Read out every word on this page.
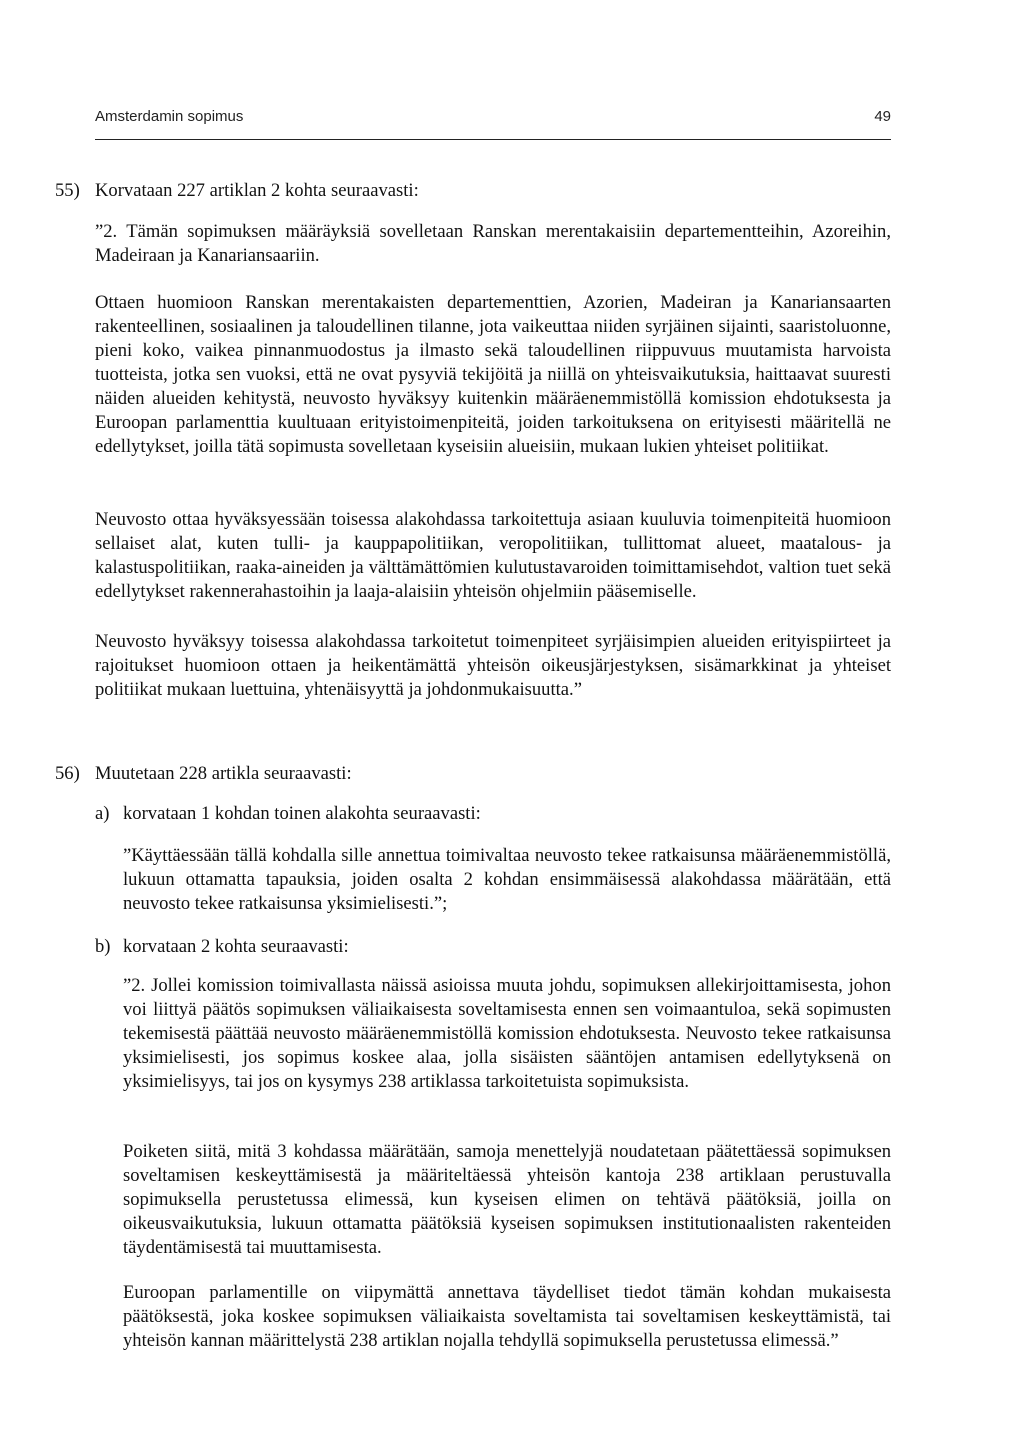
Amsterdamin sopimus	49
55) Korvataan 227 artiklan 2 kohta seuraavasti:

”2. Tämän sopimuksen määräyksiä sovelletaan Ranskan merentakaisiin departementteihin, Azoreihin, Madeiraan ja Kanariansaariin.

Ottaen huomioon Ranskan merentakaisten departementtien, Azorien, Madeiran ja Kanariansaarten rakenteellinen, sosiaalinen ja taloudellinen tilanne, jota vaikeuttaa niiden syrjäinen sijainti, saaristoluonne, pieni koko, vaikea pinnanmuodostus ja ilmasto sekä taloudellinen riippuvuus muutamista harvoista tuotteista, jotka sen vuoksi, että ne ovat pysyviä tekijöitä ja niillä on yhteisvaikutuksia, haittaavat suuresti näiden alueiden kehitystä, neuvosto hyväksyy kuitenkin määräenemmistöllä komission ehdotuksesta ja Euroopan parlamenttia kuultuaan erityistoimenpiteitä, joiden tarkoituksena on erityisesti määritellä ne edellytykset, joilla tätä sopimusta sovelletaan kyseisiin alueisiin, mukaan lukien yhteiset politiikat.

Neuvosto ottaa hyväksyessään toisessa alakohdassa tarkoitettuja asiaan kuuluvia toimenpiteitä huomioon sellaiset alat, kuten tulli- ja kauppapolitiikan, veropolitiikan, tullittomat alueet, maatalous- ja kalastuspolitiikan, raaka-aineiden ja välttämättömien kulutustavaroiden toimittamisehdot, valtion tuet sekä edellytykset rakennerahastoihin ja laaja-alaisiin yhteisön ohjelmiin pääsemiselle.

Neuvosto hyväksyy toisessa alakohdassa tarkoitetut toimenpiteet syrjäisimpien alueiden erityispiirteet ja rajoitukset huomioon ottaen ja heikentämättä yhteisön oikeusjärjestyksen, sisämarkkinat ja yhteiset politiikat mukaan luettuina, yhtenäisyyttä ja johdonmukaisuutta.”

56) Muutetaan 228 artikla seuraavasti:
a) korvataan 1 kohdan toinen alakohta seuraavasti:

”Käyttäessään tällä kohdalla sille annettua toimivaltaa neuvosto tekee ratkaisunsa määräenemmistöllä, lukuun ottamatta tapauksia, joiden osalta 2 kohdan ensimmäisessä alakohdassa määrätään, että neuvosto tekee ratkaisunsa yksimielisesti.”;

b) korvataan 2 kohta seuraavasti:

”2. Jollei komission toimivallasta näissä asioissa muuta johdu, sopimuksen allekirjoittamisesta, johon voi liittyä päätös sopimuksen väliaikaisesta soveltamisesta ennen sen voimaantuloa, sekä sopimusten tekemisestä päättää neuvosto määräenemmistöllä komission ehdotuksesta. Neuvosto tekee ratkaisunsa yksimielisesti, jos sopimus koskee alaa, jolla sisäisten sääntöjen antamisen edellytyksenä on yksimielisyys, tai jos on kysymys 238 artiklassa tarkoitetuista sopimuksista.

Poiketen siitä, mitä 3 kohdassa määrätään, samoja menettelyjä noudatetaan päätettäessä sopimuksen soveltamisen keskeyttämisestä ja määriteltäessä yhteisön kantoja 238 artiklaan perustuvalla sopimuksella perustetussa elimessä, kun kyseisen elimen on tehtävä päätöksiä, joilla on oikeusvaikutuksia, lukuun ottamatta päätöksiä kyseisen sopimuksen institutionaalisten rakenteiden täydentämisestä tai muuttamisesta.

Euroopan parlamentille on viipymättä annettava täydelliset tiedot tämän kohdan mukaisesta päätöksestä, joka koskee sopimuksen väliaikaista soveltamista tai soveltamisen keskeyttämistä, tai yhteisön kannan määrittelystä 238 artiklan nojalla tehdyllä sopimuksella perustetussa elimessä.”
